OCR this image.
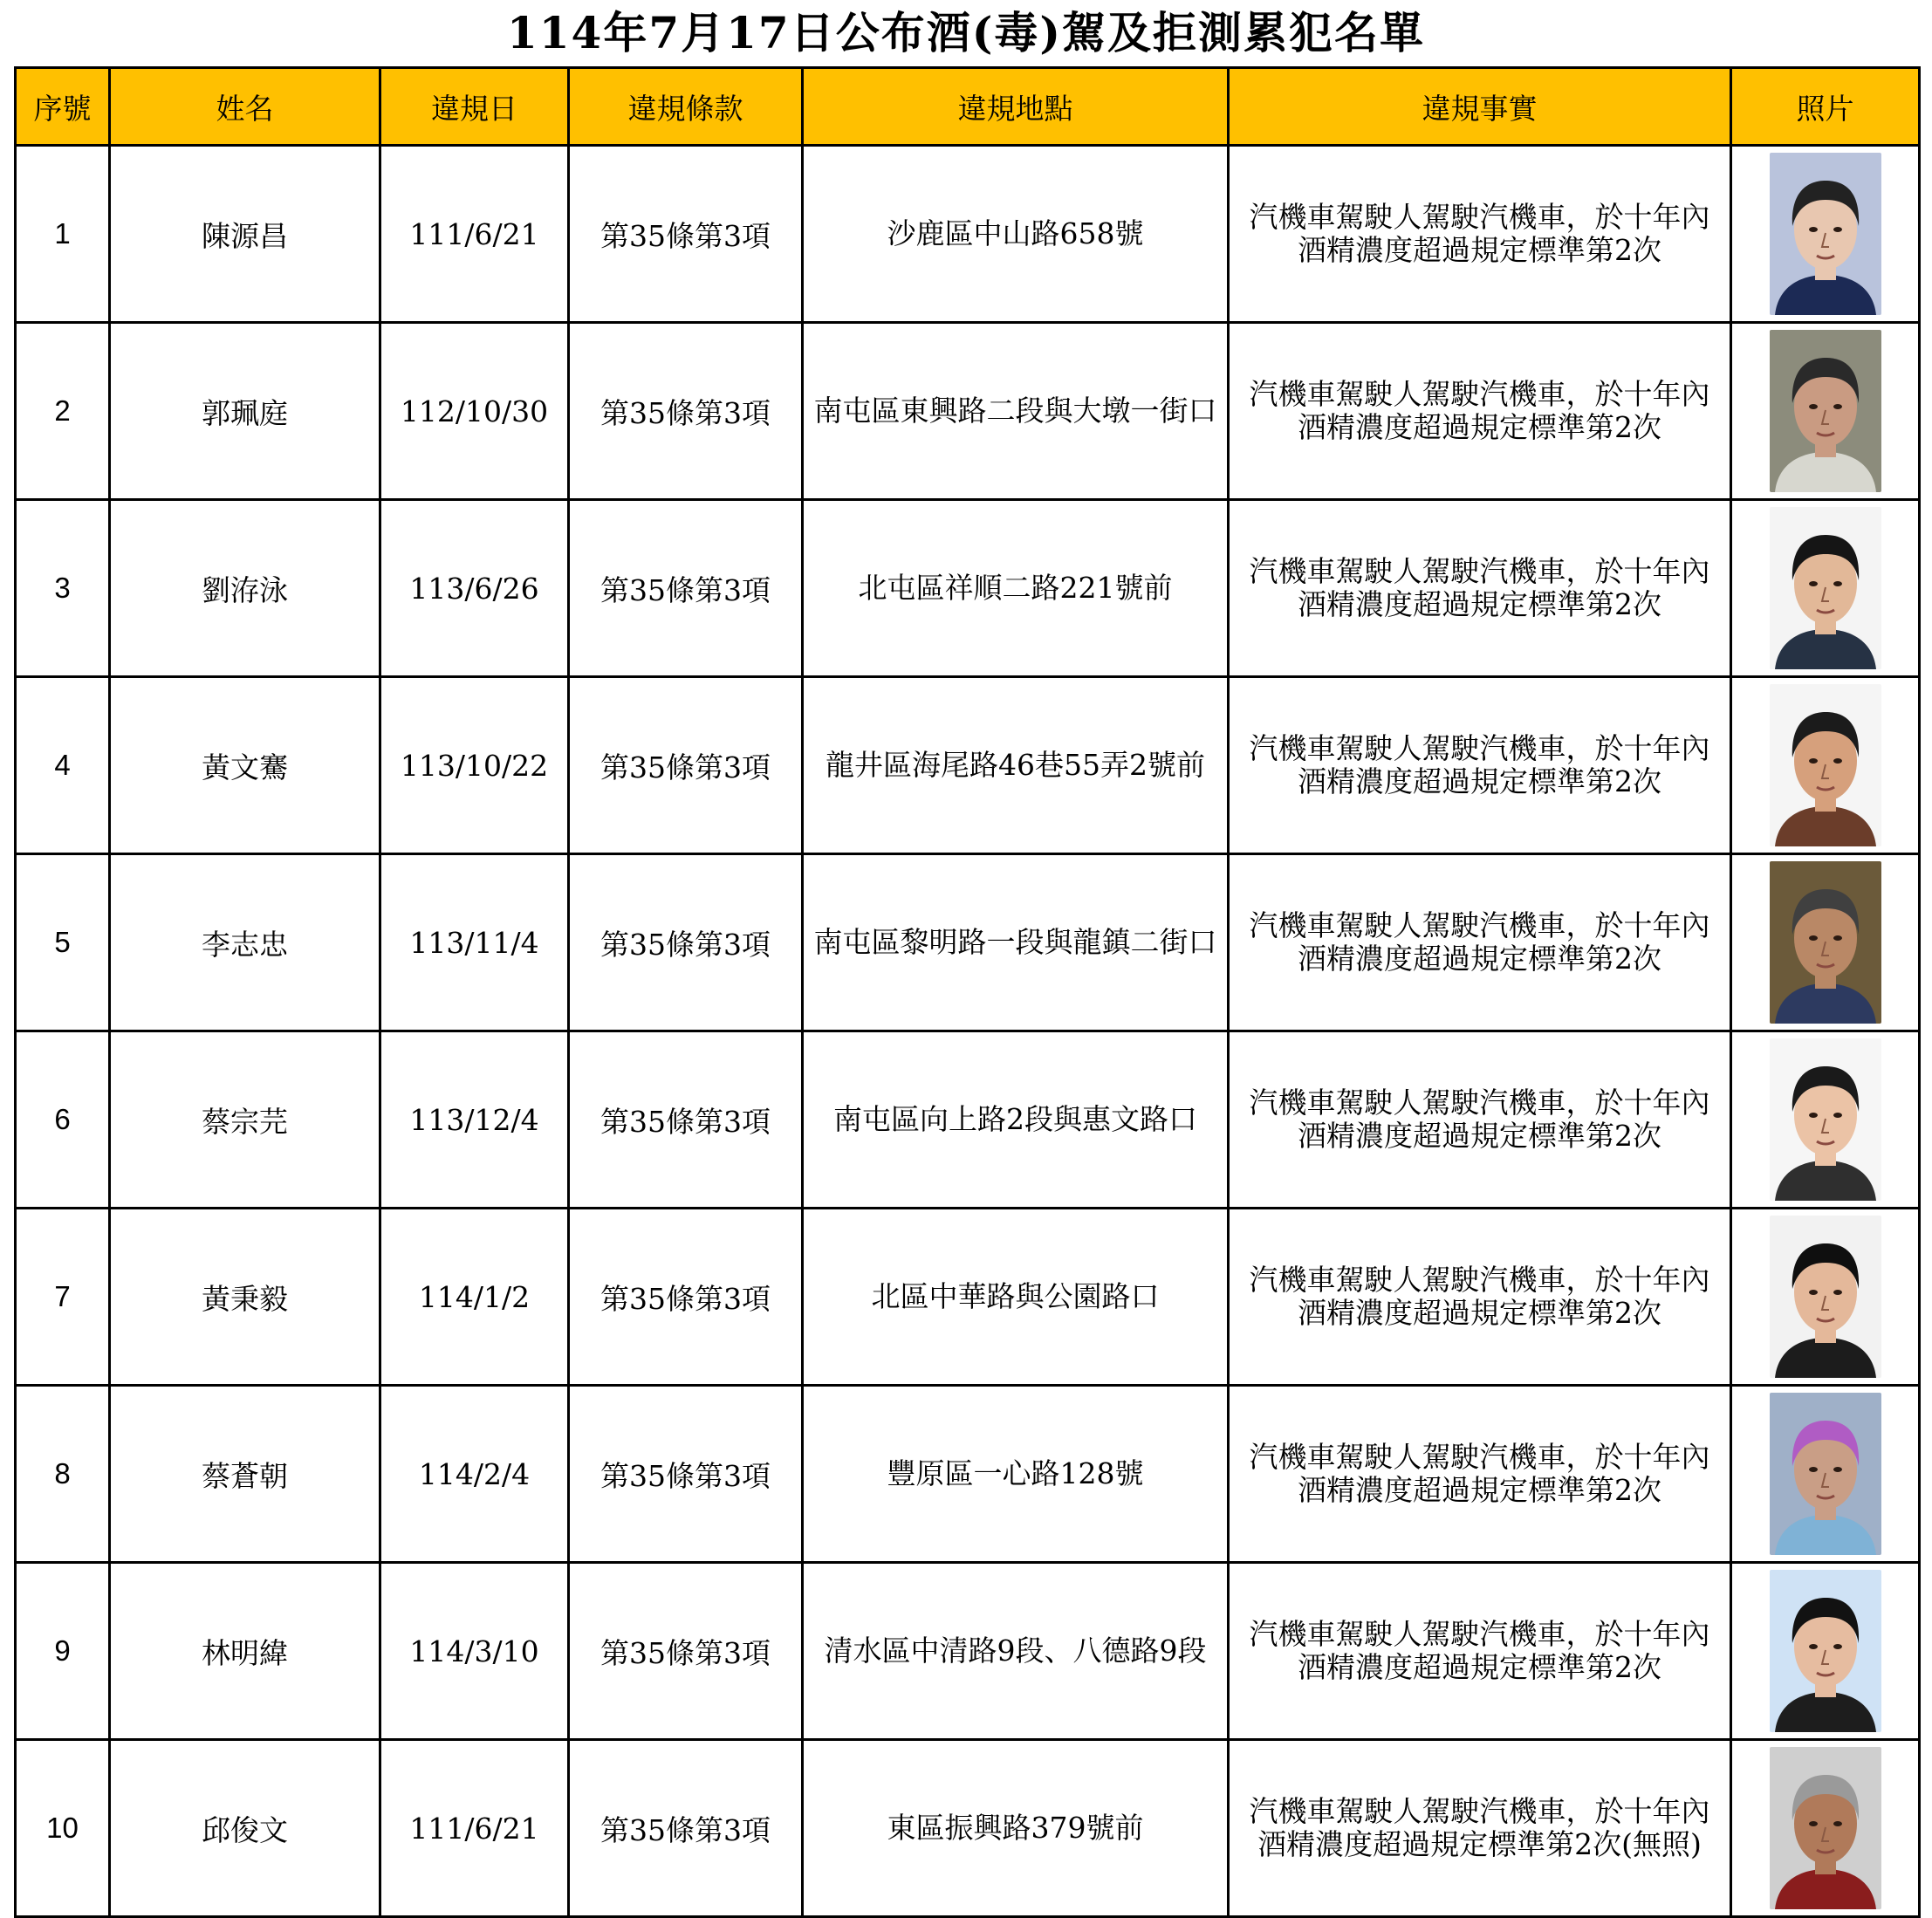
114年7月17日公布酒(毒)駕及拒測累犯名單
序號	姓名	違規日	違規條款	違規地點	違規事實	照片
1	陳源昌	111/6/21	第35條第3項	沙鹿區中山路658號	汽機車駕駛人駕駛汽機車，於十年內
酒精濃度超過規定標準第2次

2	郭珮庭	112/10/30	第35條第3項	南屯區東興路二段與大墩一街口	汽機車駕駛人駕駛汽機車，於十年內
酒精濃度超過規定標準第2次

3	劉洊泳	113/6/26	第35條第3項	北屯區祥順二路221號前	汽機車駕駛人駕駛汽機車，於十年內
酒精濃度超過規定標準第2次

4	黃文騫	113/10/22	第35條第3項	龍井區海尾路46巷55弄2號前	汽機車駕駛人駕駛汽機車，於十年內
酒精濃度超過規定標準第2次

5	李志忠	113/11/4	第35條第3項	南屯區黎明路一段與龍鎮二街口	汽機車駕駛人駕駛汽機車，於十年內
酒精濃度超過規定標準第2次

6	蔡宗芫	113/12/4	第35條第3項	南屯區向上路2段與惠文路口	汽機車駕駛人駕駛汽機車，於十年內
酒精濃度超過規定標準第2次

7	黃秉毅	114/1/2	第35條第3項	北區中華路與公園路口	汽機車駕駛人駕駛汽機車，於十年內
酒精濃度超過規定標準第2次

8	蔡蒼朝	114/2/4	第35條第3項	豐原區一心路128號	汽機車駕駛人駕駛汽機車，於十年內
酒精濃度超過規定標準第2次

9	林明緯	114/3/10	第35條第3項	清水區中清路9段、八德路9段	汽機車駕駛人駕駛汽機車，於十年內
酒精濃度超過規定標準第2次

10	邱俊文	111/6/21	第35條第3項	東區振興路379號前	汽機車駕駛人駕駛汽機車，於十年內
酒精濃度超過規定標準第2次(無照)
